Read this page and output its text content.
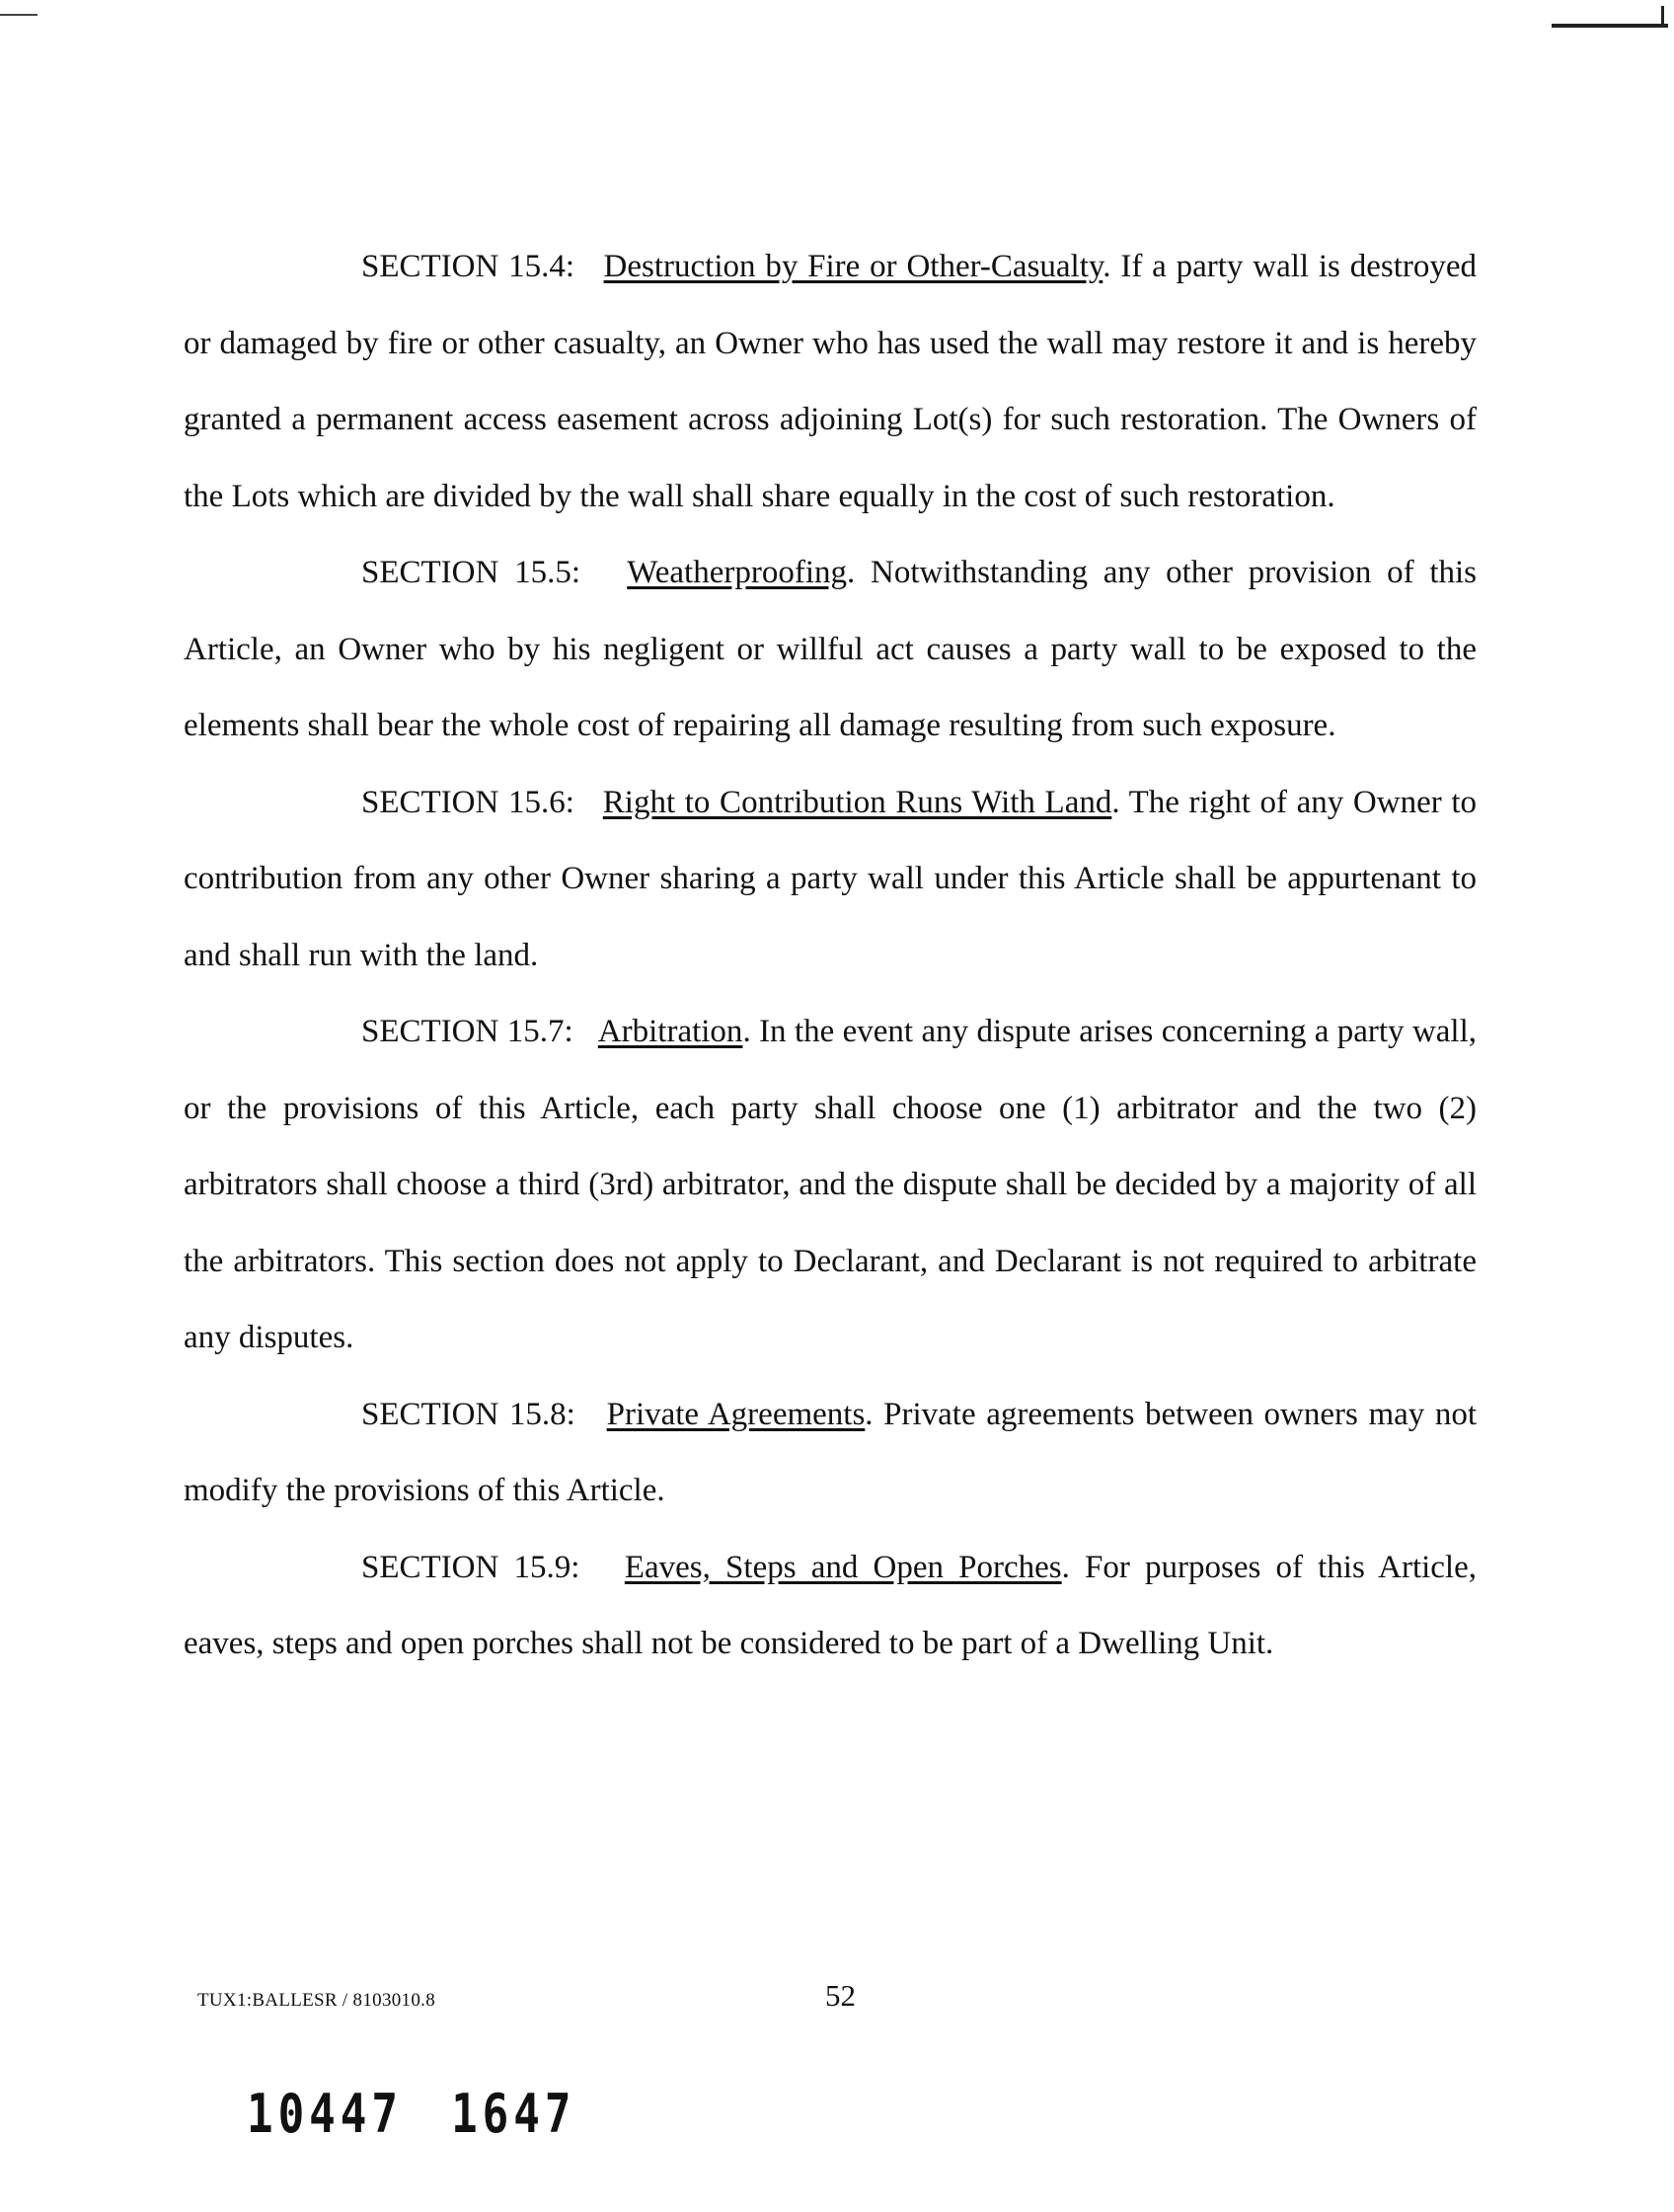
SECTION 15.4: Destruction by Fire or Other-Casualty. If a party wall is destroyed or damaged by fire or other casualty, an Owner who has used the wall may restore it and is hereby granted a permanent access easement across adjoining Lot(s) for such restoration. The Owners of the Lots which are divided by the wall shall share equally in the cost of such restoration.

SECTION 15.5: Weatherproofing. Notwithstanding any other provision of this Article, an Owner who by his negligent or willful act causes a party wall to be exposed to the elements shall bear the whole cost of repairing all damage resulting from such exposure.

SECTION 15.6: Right to Contribution Runs With Land. The right of any Owner to contribution from any other Owner sharing a party wall under this Article shall be appurtenant to and shall run with the land.

SECTION 15.7: Arbitration. In the event any dispute arises concerning a party wall, or the provisions of this Article, each party shall choose one (1) arbitrator and the two (2) arbitrators shall choose a third (3rd) arbitrator, and the dispute shall be decided by a majority of all the arbitrators. This section does not apply to Declarant, and Declarant is not required to arbitrate any disputes.

SECTION 15.8: Private Agreements. Private agreements between owners may not modify the provisions of this Article.

SECTION 15.9: Eaves, Steps and Open Porches. For purposes of this Article, eaves, steps and open porches shall not be considered to be part of a Dwelling Unit.

TUX1:BALLESR / 8103010.8	52
10447 1647
